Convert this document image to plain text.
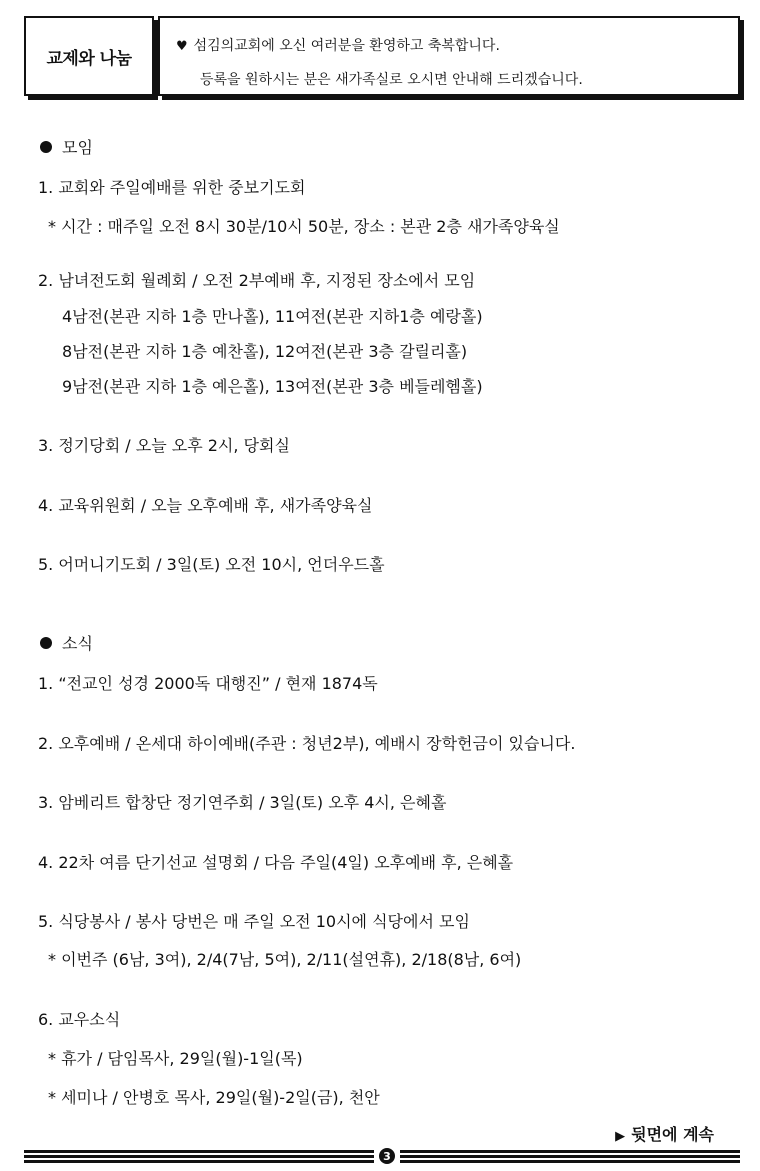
교제와 나눔
♥ 섬김의교회에 오신 여러분을 환영하고 축복합니다.
등록을 원하시는 분은 새가족실로 오시면 안내해 드리겠습니다.
모임
1. 교회와 주일예배를 위한 중보기도회
* 시간 : 매주일 오전 8시 30분/10시 50분, 장소 : 본관 2층 새가족양육실
2. 남녀전도회 월례회 / 오전 2부예배 후, 지정된 장소에서 모임
4남전(본관 지하 1층 만나홀), 11여전(본관 지하1층 예랑홀)
8남전(본관 지하 1층 예찬홀), 12여전(본관 3층 갈릴리홀)
9남전(본관 지하 1층 예은홀), 13여전(본관 3층 베들레헴홀)
3. 정기당회 / 오늘 오후 2시, 당회실
4. 교육위원회 / 오늘 오후예배 후, 새가족양육실
5. 어머니기도회 / 3일(토) 오전 10시, 언더우드홀
소식
1. “전교인 성경 2000독 대행진” / 현재 1874독
2. 오후예배 / 온세대 하이예배(주관 : 청년2부), 예배시 장학헌금이 있습니다.
3. 암베리트 합창단 정기연주회 / 3일(토) 오후 4시, 은혜홀
4. 22차 여름 단기선교 설명회 / 다음 주일(4일) 오후예배 후, 은혜홀
5. 식당봉사 / 봉사 당번은 매 주일 오전 10시에 식당에서 모임
* 이번주 (6남, 3여), 2/4(7남, 5여), 2/11(설연휴), 2/18(8남, 6여)
6. 교우소식
* 휴가 / 담임목사, 29일(월)-1일(목)
* 세미나 / 안병호 목사, 29일(월)-2일(금), 천안
▶ 뒷면에 계속
3
